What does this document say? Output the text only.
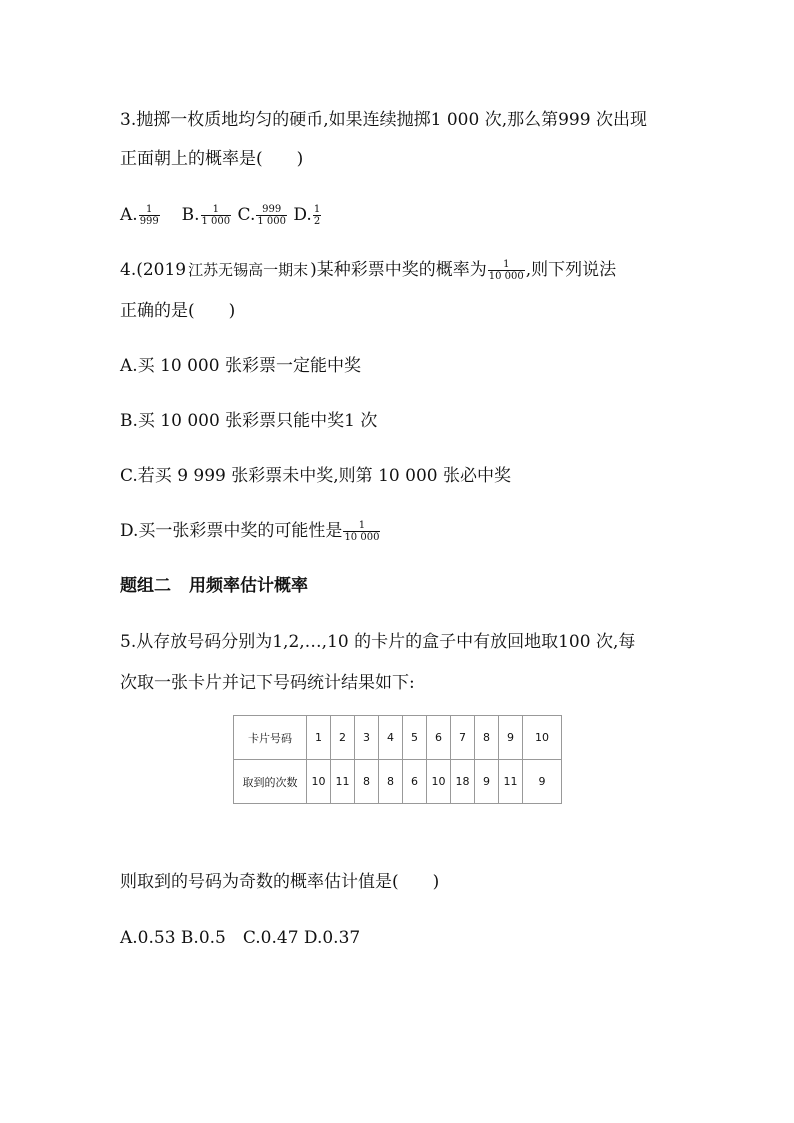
3.抛掷一枚质地均匀的硬币,如果连续抛掷1 000 次,那么第999 次出现
正面朝上的概率是(　　)
A. $\frac{1}{999} B$. $\frac{1}{1 000} C$. $\frac{999}{1 000} D$. $\frac{1}{2}$
4.(2019 江苏无锡高一期末 )某种彩票中奖的概率为 $\frac{1}{10 000}$ ,则下列说法
正确的是(　　)
A.买 10 000 张彩票一定能中奖
B.买 10 000 张彩票只能中奖1 次
C.若买 9 999 张彩票未中奖,则第 10 000 张必中奖
D.买一张彩票中奖的可能性是 $\frac{1}{10 000}$
题组二 用频率估计概率
5.从存放号码分别为1,2,…,10 的卡片的盒子中有放回地取100 次,每
次取一张卡片并记下号码统计结果如下:
卡片号码	1	2	3	4	5	6	7	8	9	10
取到的次数	10	11	8	8	6	10	18	9	11	9
则取到的号码为奇数的概率估计值是(　　)
A.0.53 B.0.5　C.0.47 D.0.37
